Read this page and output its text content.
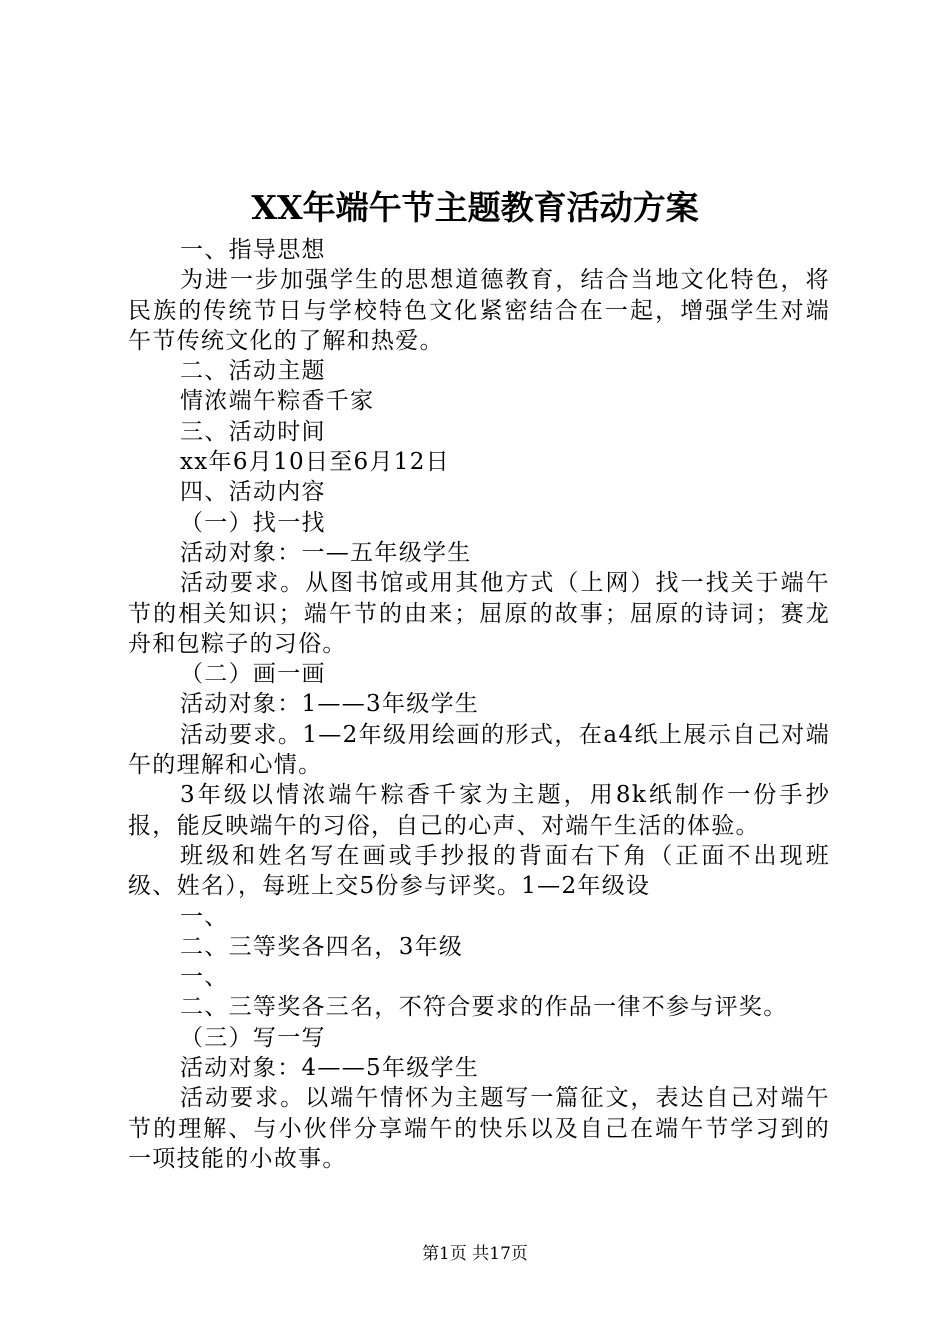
XX年端午节主题教育活动方案

一、指导思想

为进一步加强学生的思想道德教育，结合当地文化特色，将民族的传统节日与学校特色文化紧密结合在一起，增强学生对端午节传统文化的了解和热爱。

二、活动主题

情浓端午粽香千家

三、活动时间

xx年6月10日至6月12日

四、活动内容

（一）找一找

活动对象：一—五年级学生

活动要求。从图书馆或用其他方式（上网）找一找关于端午节的相关知识；端午节的由来；屈原的故事；屈原的诗词；赛龙舟和包粽子的习俗。

（二）画一画

活动对象：1——3年级学生

活动要求。1—2年级用绘画的形式，在a4纸上展示自己对端午的理解和心情。

3年级以情浓端午粽香千家为主题，用8k纸制作一份手抄报，能反映端午的习俗，自己的心声、对端午生活的体验。

班级和姓名写在画或手抄报的背面右下角（正面不出现班级、姓名），每班上交5份参与评奖。1—2年级设

一、

二、三等奖各四名，3年级

一、

二、三等奖各三名，不符合要求的作品一律不参与评奖。

（三）写一写

活动对象：4——5年级学生

活动要求。以端午情怀为主题写一篇征文，表达自己对端午节的理解、与小伙伴分享端午的快乐以及自己在端午节学习到的一项技能的小故事。

第1页 共17页
